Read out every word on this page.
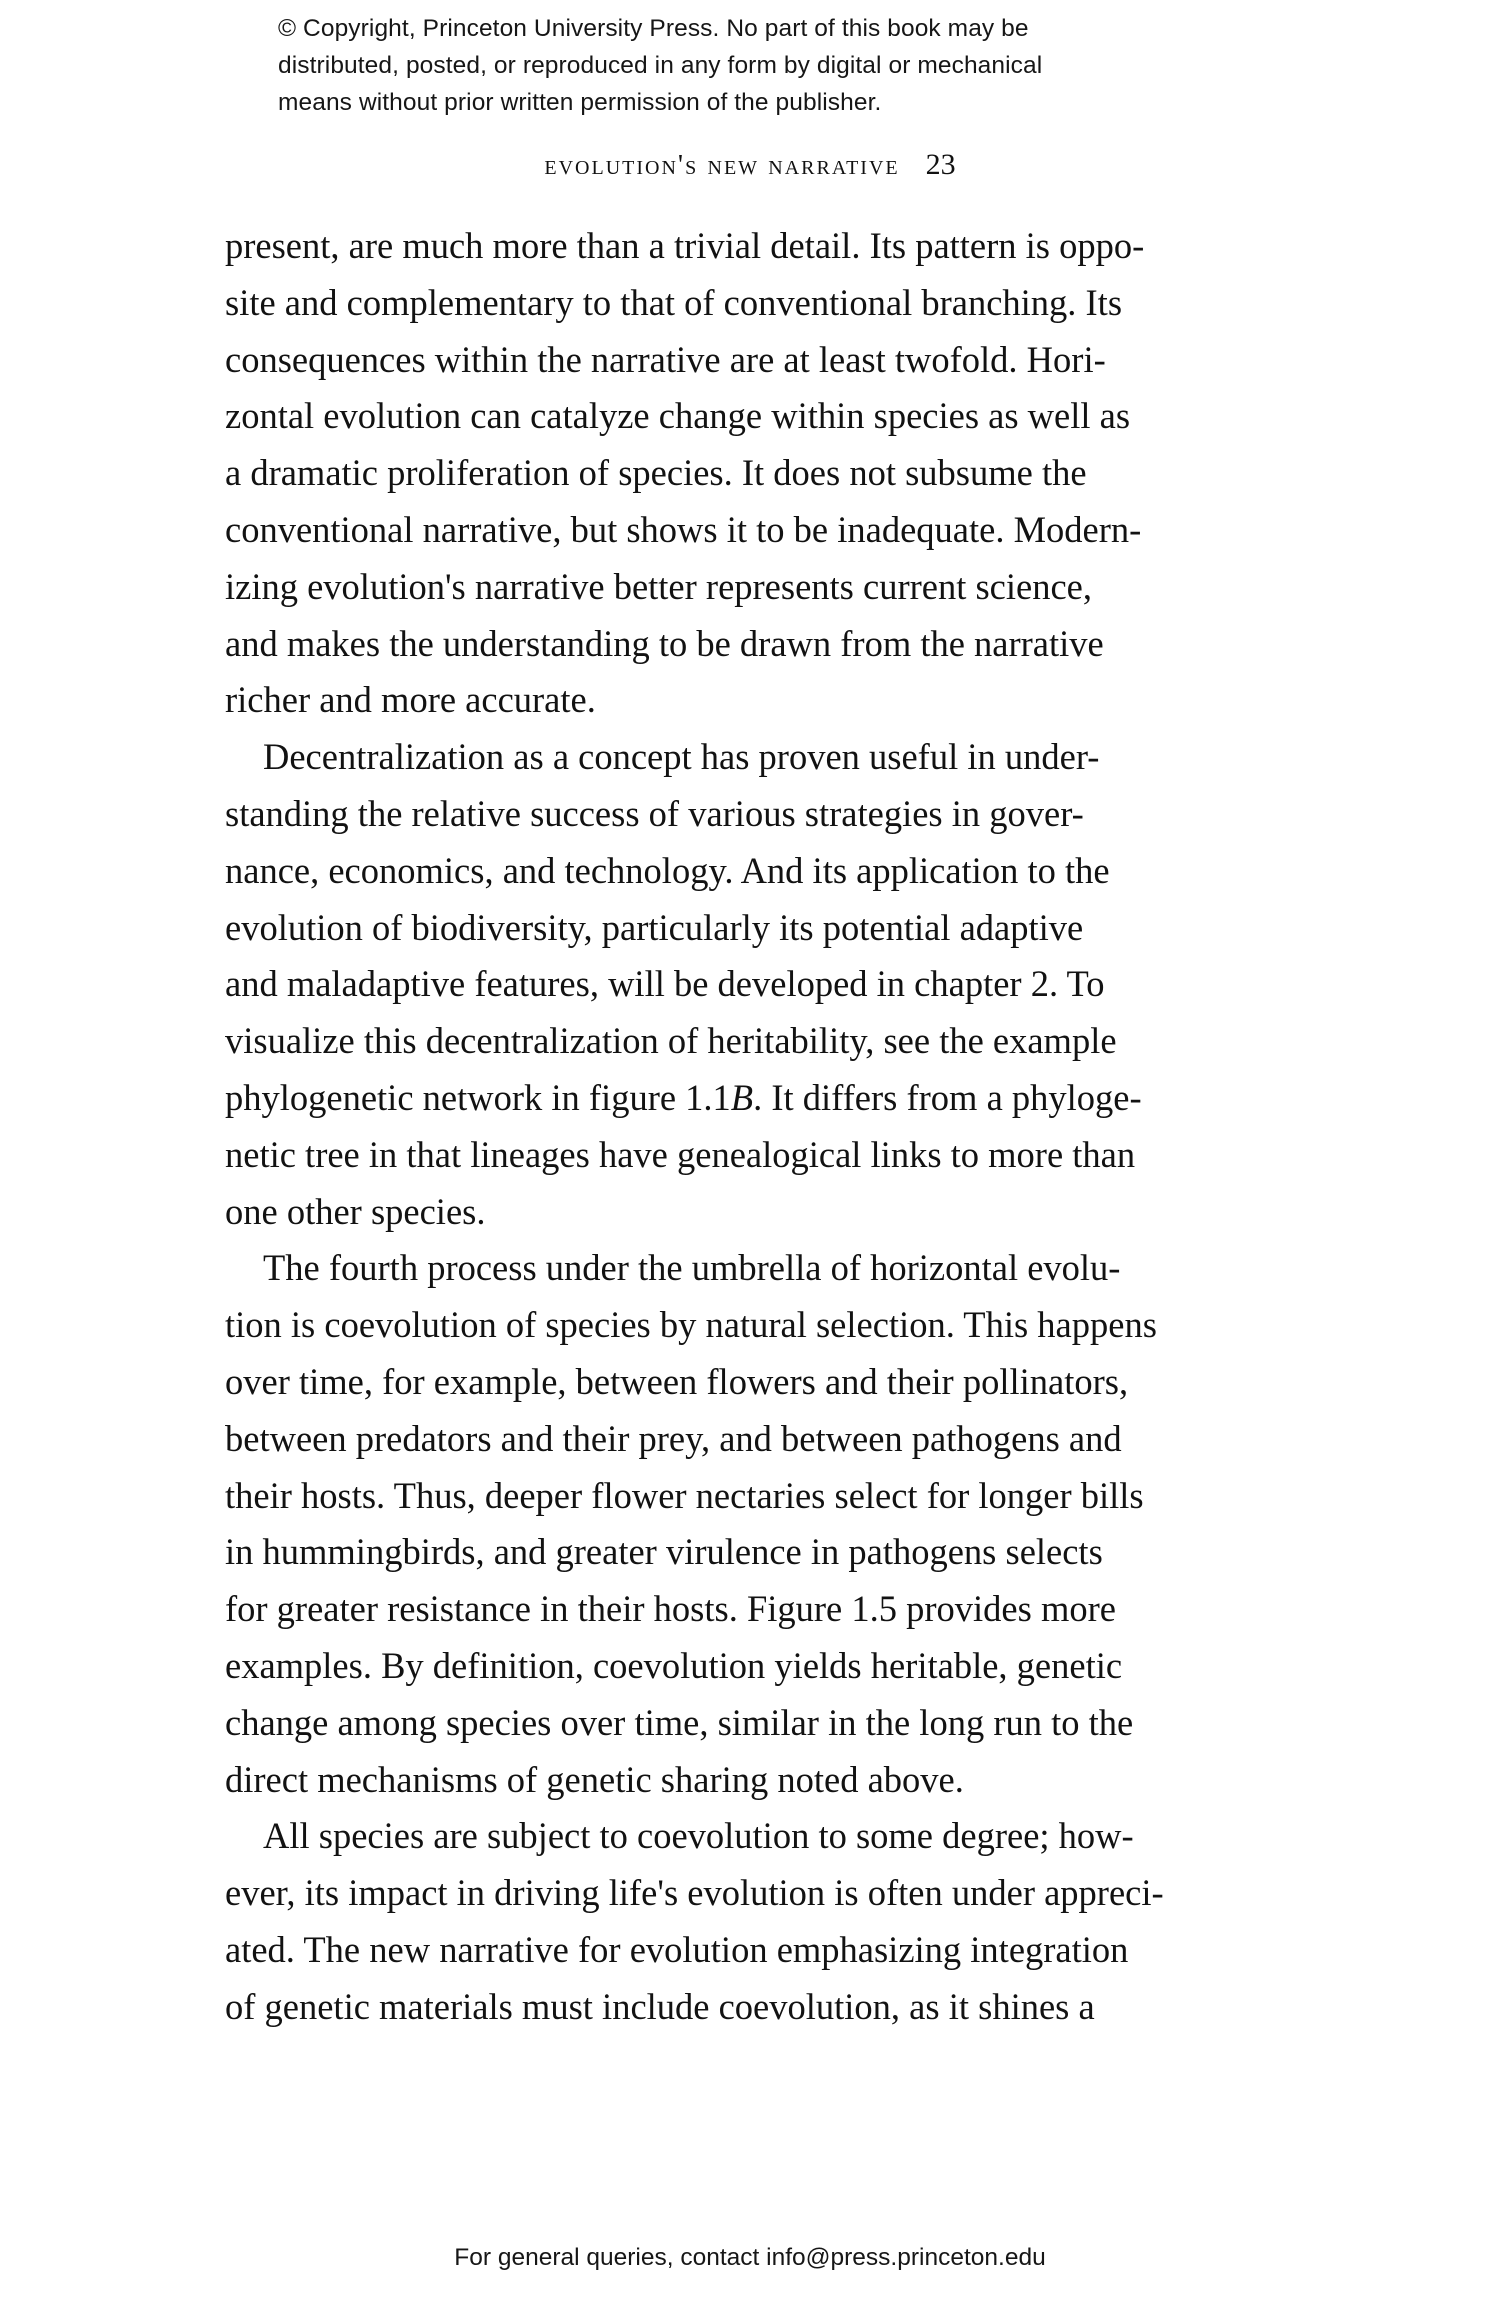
© Copyright, Princeton University Press. No part of this book may be
distributed, posted, or reproduced in any form by digital or mechanical
means without prior written permission of the publisher.
evolution's new narrative 23
present, are much more than a trivial detail. Its pattern is oppo-
site and complementary to that of conventional branching. Its
consequences within the narrative are at least twofold. Hori-
zontal evolution can catalyze change within species as well as
a dramatic proliferation of species. It does not subsume the
conventional narrative, but shows it to be inadequate. Modern-
izing evolution's narrative better represents current science,
and makes the understanding to be drawn from the narrative
richer and more accurate.
Decentralization as a concept has proven useful in under-
standing the relative success of various strategies in gover-
nance, economics, and technology. And its application to the
evolution of biodiversity, particularly its potential adaptive
and maladaptive features, will be developed in chapter 2. To
visualize this decentralization of heritability, see the example
phylogenetic network in figure 1.1B. It differs from a phyloge-
netic tree in that lineages have genealogical links to more than
one other species.
The fourth process under the umbrella of horizontal evolu-
tion is coevolution of species by natural selection. This happens
over time, for example, between flowers and their pollinators,
between predators and their prey, and between pathogens and
their hosts. Thus, deeper flower nectaries select for longer bills
in hummingbirds, and greater virulence in pathogens selects
for greater resistance in their hosts. Figure 1.5 provides more
examples. By definition, coevolution yields heritable, genetic
change among species over time, similar in the long run to the
direct mechanisms of genetic sharing noted above.
All species are subject to coevolution to some degree; how-
ever, its impact in driving life's evolution is often under appreci-
ated. The new narrative for evolution emphasizing integration
of genetic materials must include coevolution, as it shines a
For general queries, contact info@press.princeton.edu
